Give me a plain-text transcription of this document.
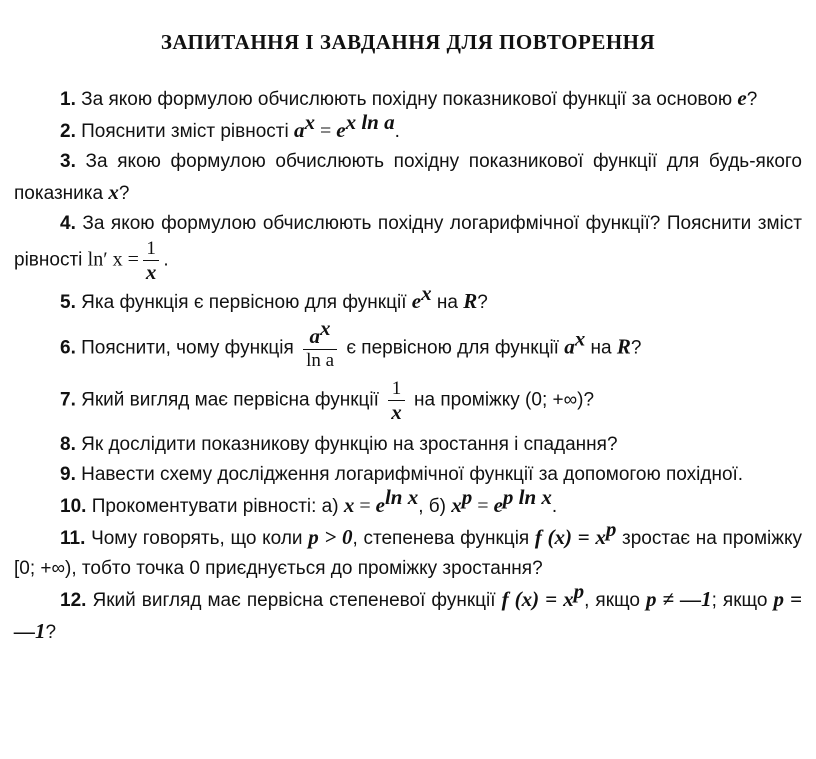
ЗАПИТАННЯ І ЗАВДАННЯ ДЛЯ ПОВТОРЕННЯ

1. За якою формулою обчислюють похідну показникової функції за основою e?

2. Пояснити зміст рівності $a^x = e^{x ln a}$.

3. За якою формулою обчислюють похідну показникової функції для будь-якого показника x?

4. За якою формулою обчислюють похідну логарифмічної функції? Пояснити зміст рівності ln′ $x = \frac{1}{x}$ .

5. Яка функція є первісною для функції $e^x$ на R?

6. Пояснити, чому функція $\frac{a^x}{\text{ln a}}$ є первісною для функції $a^x$ на R?

7. Який вигляд має первісна функції $\frac{1}{x}$ на проміжку (0; +∞)?

8. Як дослідити показникову функцію на зростання і спадання?

9. Навести схему дослідження логарифмічної функції за допомогою похідної.

10. Прокоментувати рівності: а) $x = e^{ln x}$, б) $x^p = e^{p ln x}$.

11. Чому говорять, що коли p > 0, степенева функція f $(x) = x^p$ зростає на проміжку [0; +∞), тобто точка 0 приєднується до проміжку зростання?

12. Який вигляд має первісна степеневої функції f $(x) = x^p$, якщо p ≠ —1; якщо p = —1?
